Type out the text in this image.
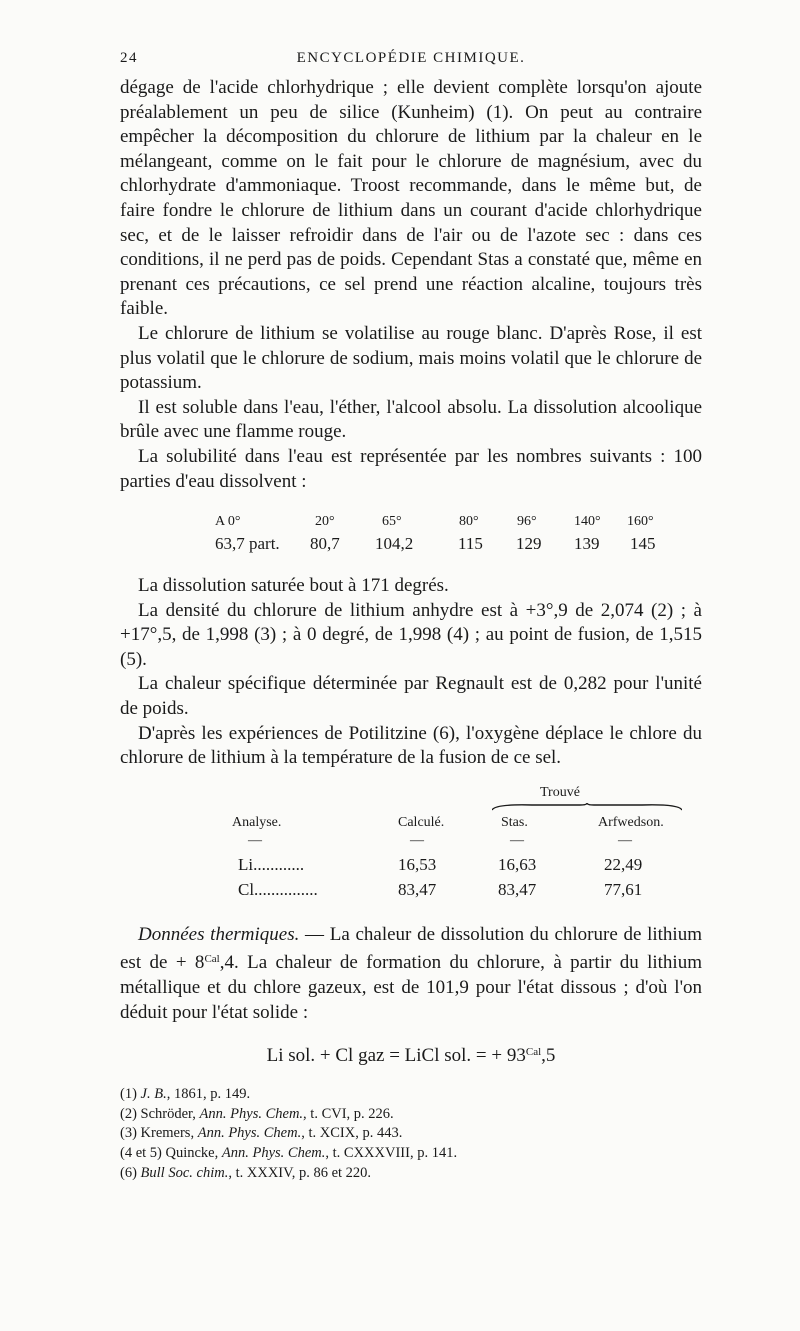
24	ENCYCLOPÉDIE CHIMIQUE.

dégage de l'acide chlorhydrique ; elle devient complète lorsqu'on ajoute préalablement un peu de silice (Kunheim) (1). On peut au contraire empêcher la décomposition du chlorure de lithium par la chaleur en le mélangeant, comme on le fait pour le chlorure de magnésium, avec du chlorhydrate d'ammoniaque. Troost recommande, dans le même but, de faire fondre le chlorure de lithium dans un courant d'acide chlorhydrique sec, et de le laisser refroidir dans de l'air ou de l'azote sec : dans ces conditions, il ne perd pas de poids. Cependant Stas a constaté que, même en prenant ces précautions, ce sel prend une réaction alcaline, toujours très faible.

Le chlorure de lithium se volatilise au rouge blanc. D'après Rose, il est plus volatil que le chlorure de sodium, mais moins volatil que le chlorure de potassium.

Il est soluble dans l'eau, l'éther, l'alcool absolu. La dissolution alcoolique brûle avec une flamme rouge.

La solubilité dans l'eau est représentée par les nombres suivants : 100 parties d'eau dissolvent :

A 0°	20°	65°	80°	96°	140° 160°
63,7 part. 80,7 104,2	115 129 139 145

La dissolution saturée bout à 171 degrés.

La densité du chlorure de lithium anhydre est à +3°,9 de 2,074 (2) ; à +17°,5, de 1,998 (3) ; à 0 degré, de 1,998 (4) ; au point de fusion, de 1,515 (5).

La chaleur spécifique déterminée par Regnault est de 0,282 pour l'unité de poids.

D'après les expériences de Potilitzine (6), l'oxygène déplace le chlore du chlorure de lithium à la température de la fusion de ce sel.

Trouvé
Analyse.	Calculé.	Stas.	Arfwedson.
—	—	—	—
Li............	16,53	16,63	22,49
Cl...............	83,47	83,47	77,61

Données thermiques. — La chaleur de dissolution du chlorure de lithium est de + $8^{Cal},4$. La chaleur de formation du chlorure, à partir du lithium métallique et du chlore gazeux, est de 101,9 pour l'état dissous ; d'où l'on déduit pour l'état solide :

Li sol. + Cl gaz = LiCl sol. = + $93^{Cal},5$
(1) J. B., 1861, p. 149.
(2) Schröder, Ann. Phys. Chem., t. CVI, p. 226.
(3) Kremers, Ann. Phys. Chem., t. XCIX, p. 443.
(4 et 5) Quincke, Ann. Phys. Chem., t. CXXXVIII, p. 141.
(6) Bull Soc. chim., t. XXXIV, p. 86 et 220.
